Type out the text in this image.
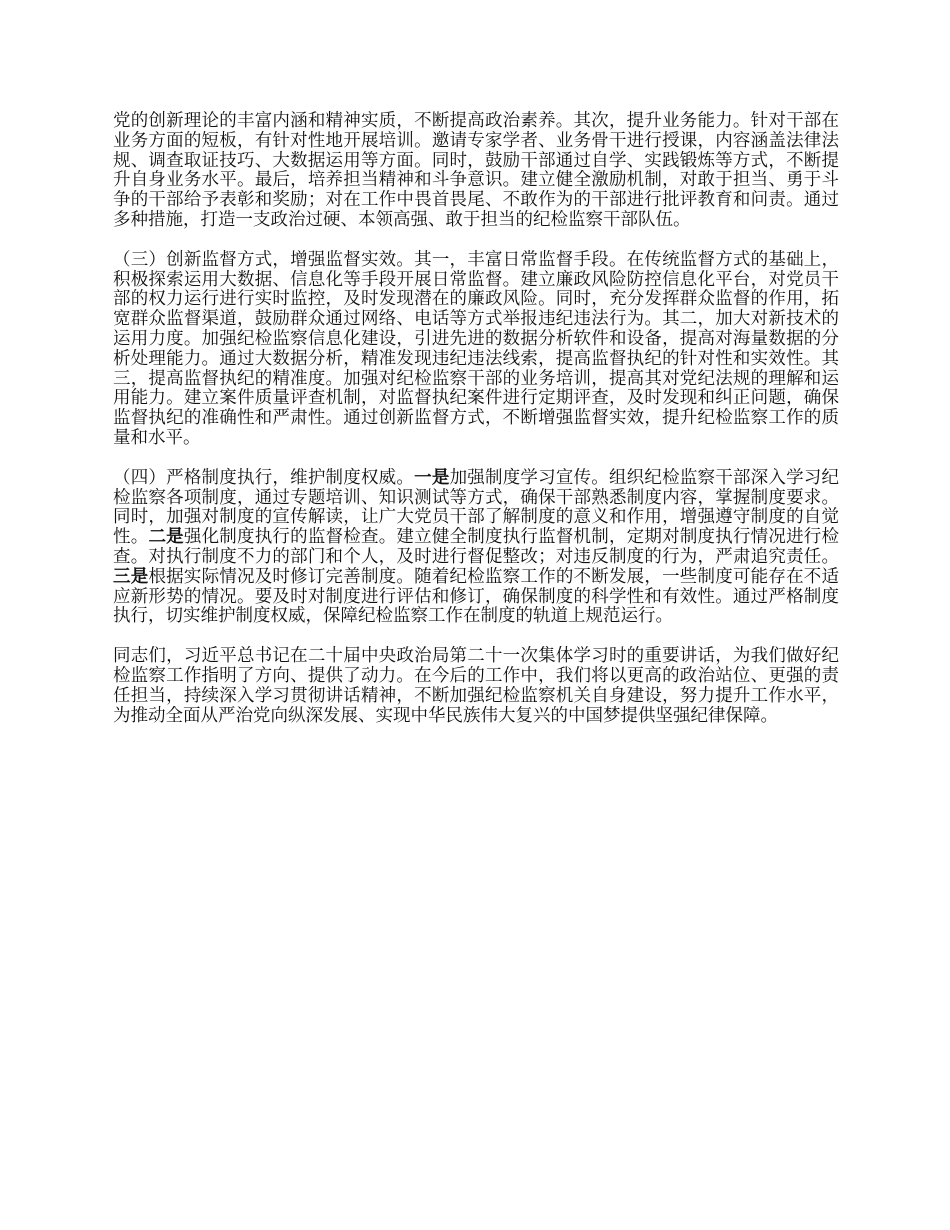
党的创新理论的丰富内涵和精神实质，不断提高政治素养。其次，提升业务能力。针对干部在业务方面的短板，有针对性地开展培训。邀请专家学者、业务骨干进行授课，内容涵盖法律法规、调查取证技巧、大数据运用等方面。同时，鼓励干部通过自学、实践锻炼等方式，不断提升自身业务水平。最后，培养担当精神和斗争意识。建立健全激励机制，对敢于担当、勇于斗争的干部给予表彰和奖励；对在工作中畏首畏尾、不敢作为的干部进行批评教育和问责。通过多种措施，打造一支政治过硬、本领高强、敢于担当的纪检监察干部队伍。

（三）创新监督方式，增强监督实效。其一，丰富日常监督手段。在传统监督方式的基础上，积极探索运用大数据、信息化等手段开展日常监督。建立廉政风险防控信息化平台，对党员干部的权力运行进行实时监控，及时发现潜在的廉政风险。同时，充分发挥群众监督的作用，拓宽群众监督渠道，鼓励群众通过网络、电话等方式举报违纪违法行为。其二，加大对新技术的运用力度。加强纪检监察信息化建设，引进先进的数据分析软件和设备，提高对海量数据的分析处理能力。通过大数据分析，精准发现违纪违法线索，提高监督执纪的针对性和实效性。其三，提高监督执纪的精准度。加强对纪检监察干部的业务培训，提高其对党纪法规的理解和运用能力。建立案件质量评查机制，对监督执纪案件进行定期评查，及时发现和纠正问题，确保监督执纪的准确性和严肃性。通过创新监督方式，不断增强监督实效，提升纪检监察工作的质量和水平。

（四）严格制度执行，维护制度权威。一是加强制度学习宣传。组织纪检监察干部深入学习纪检监察各项制度，通过专题培训、知识测试等方式，确保干部熟悉制度内容，掌握制度要求。同时，加强对制度的宣传解读，让广大党员干部了解制度的意义和作用，增强遵守制度的自觉性。二是强化制度执行的监督检查。建立健全制度执行监督机制，定期对制度执行情况进行检查。对执行制度不力的部门和个人，及时进行督促整改；对违反制度的行为，严肃追究责任。三是根据实际情况及时修订完善制度。随着纪检监察工作的不断发展，一些制度可能存在不适应新形势的情况。要及时对制度进行评估和修订，确保制度的科学性和有效性。通过严格制度执行，切实维护制度权威，保障纪检监察工作在制度的轨道上规范运行。

同志们，习近平总书记在二十届中央政治局第二十一次集体学习时的重要讲话，为我们做好纪检监察工作指明了方向、提供了动力。在今后的工作中，我们将以更高的政治站位、更强的责任担当，持续深入学习贯彻讲话精神，不断加强纪检监察机关自身建设，努力提升工作水平，为推动全面从严治党向纵深发展、实现中华民族伟大复兴的中国梦提供坚强纪律保障。
